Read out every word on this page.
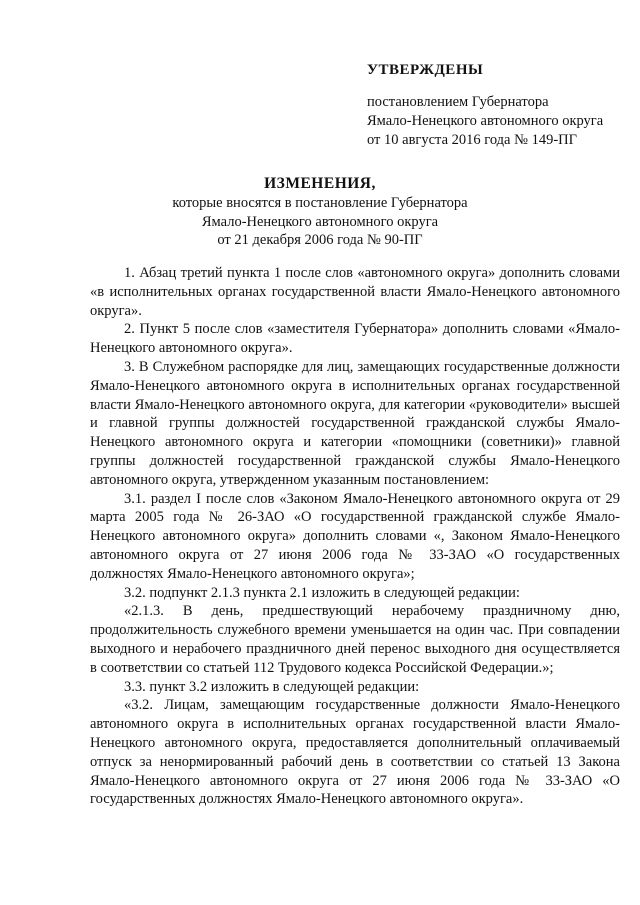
УТВЕРЖДЕНЫ
постановлением Губернатора
Ямало-Ненецкого автономного округа
от 10 августа 2016 года № 149-ПГ
ИЗМЕНЕНИЯ,
которые вносятся в постановление Губернатора
Ямало-Ненецкого автономного округа
от 21 декабря 2006 года № 90-ПГ

1. Абзац третий пункта 1 после слов «автономного округа» дополнить словами «в исполнительных органах государственной власти Ямало-Ненецкого автономного округа».

2. Пункт 5 после слов «заместителя Губернатора» дополнить словами «Ямало-Ненецкого автономного округа».

3. В Служебном распорядке для лиц, замещающих государственные должности Ямало-Ненецкого автономного округа в исполнительных органах государственной власти Ямало-Ненецкого автономного округа, для категории «руководители» высшей и главной группы должностей государственной гражданской службы Ямало-Ненецкого автономного округа и категории «помощники (советники)» главной группы должностей государственной гражданской службы Ямало-Ненецкого автономного округа, утвержденном указанным постановлением:

3.1. раздел I после слов «Законом Ямало-Ненецкого автономного округа от 29 марта 2005 года № 26-ЗАО «О государственной гражданской службе Ямало-Ненецкого автономного округа» дополнить словами «, Законом Ямало-Ненецкого автономного округа от 27 июня 2006 года № 33-ЗАО «О государственных должностях Ямало-Ненецкого автономного округа»;

3.2. подпункт 2.1.3 пункта 2.1 изложить в следующей редакции:

«2.1.3. В день, предшествующий нерабочему праздничному дню, продолжительность служебного времени уменьшается на один час. При совпадении выходного и нерабочего праздничного дней перенос выходного дня осуществляется в соответствии со статьей 112 Трудового кодекса Российской Федерации.»;

3.3. пункт 3.2 изложить в следующей редакции:

«3.2. Лицам, замещающим государственные должности Ямало-Ненецкого автономного округа в исполнительных органах государственной власти Ямало-Ненецкого автономного округа, предоставляется дополнительный оплачиваемый отпуск за ненормированный рабочий день в соответствии со статьей 13 Закона Ямало-Ненецкого автономного округа от 27 июня 2006 года № 33-ЗАО «О государственных должностях Ямало-Ненецкого автономного округа».
